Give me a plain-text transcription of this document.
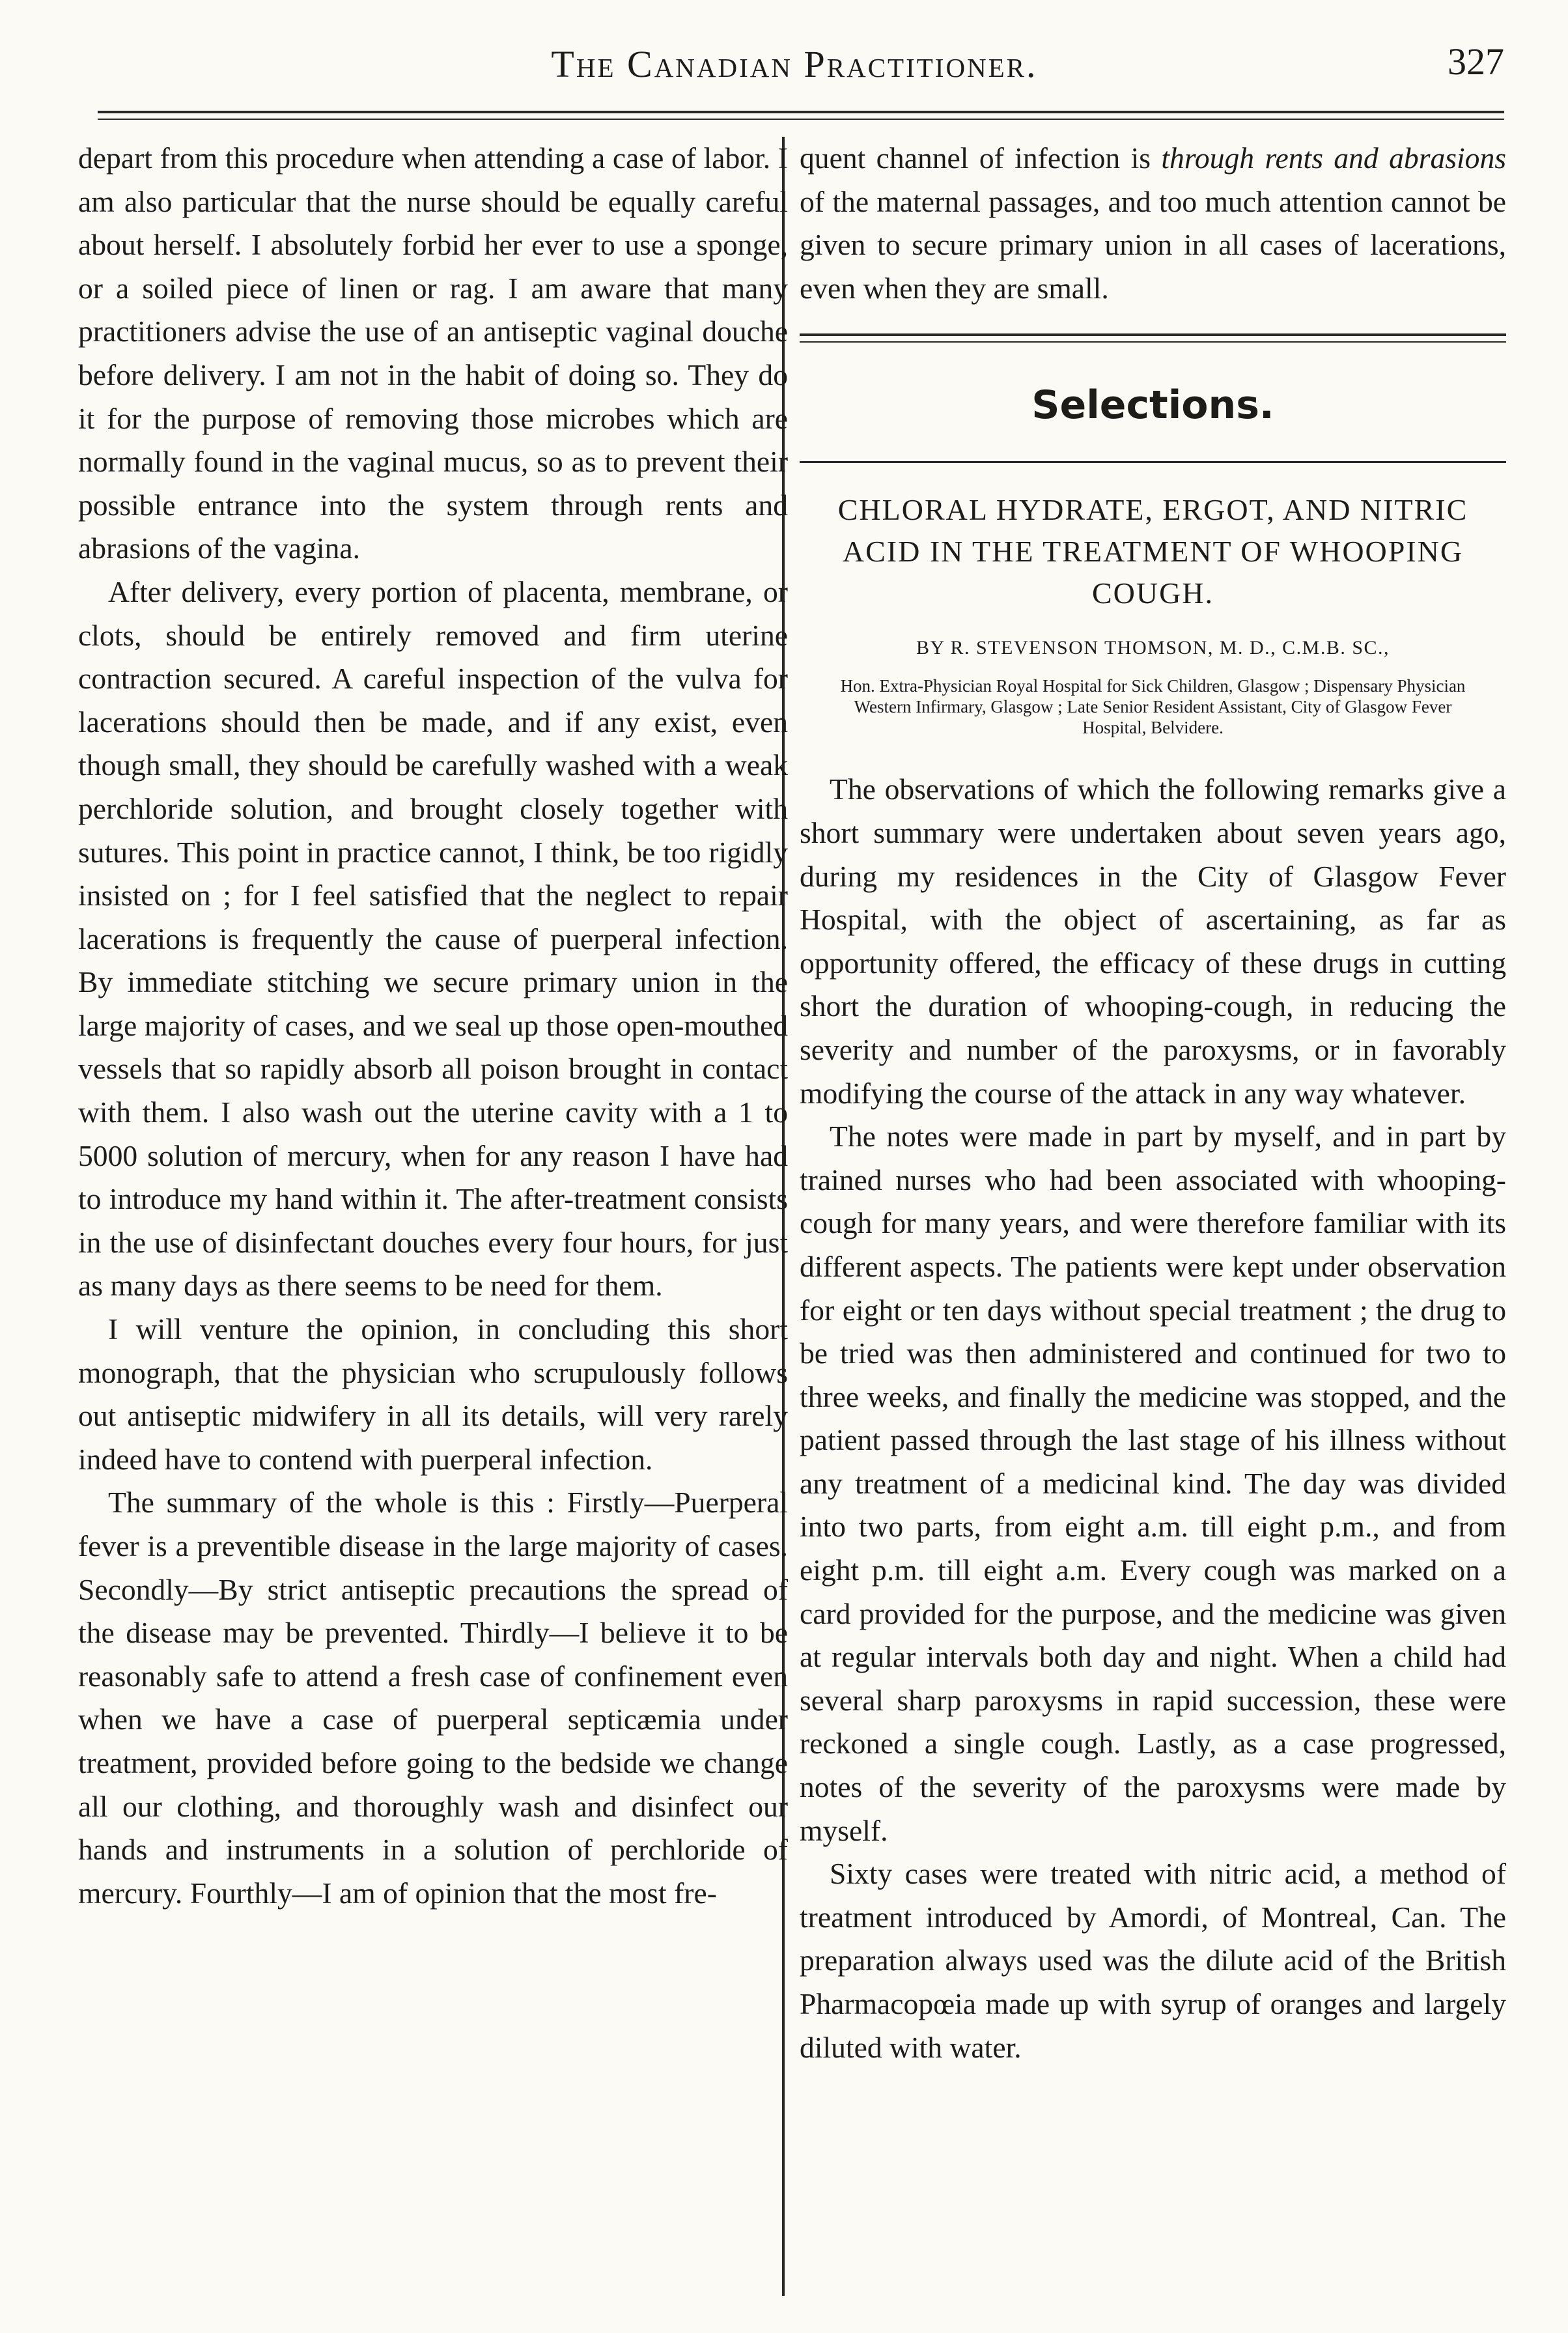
The Canadian Practitioner.	327

depart from this procedure when attending a case of labor. I am also particular that the nurse should be equally careful about herself. I absolutely forbid her ever to use a sponge, or a soiled piece of linen or rag. I am aware that many practitioners advise the use of an antiseptic vaginal douche before delivery. I am not in the habit of doing so. They do it for the purpose of removing those microbes which are normally found in the vaginal mucus, so as to prevent their possible entrance into the system through rents and abrasions of the vagina.

After delivery, every portion of placenta, membrane, or clots, should be entirely removed and firm uterine contraction secured. A careful inspection of the vulva for lacerations should then be made, and if any exist, even though small, they should be carefully washed with a weak perchloride solution, and brought closely together with sutures. This point in practice cannot, I think, be too rigidly insisted on ; for I feel satisfied that the neglect to repair lacerations is frequently the cause of puerperal infection. By immediate stitching we secure primary union in the large majority of cases, and we seal up those open-mouthed vessels that so rapidly absorb all poison brought in contact with them. I also wash out the uterine cavity with a 1 to 5000 solution of mercury, when for any reason I have had to introduce my hand within it. The after-treatment consists in the use of disinfectant douches every four hours, for just as many days as there seems to be need for them.

I will venture the opinion, in concluding this short monograph, that the physician who scrupulously follows out antiseptic midwifery in all its details, will very rarely indeed have to contend with puerperal infection.

The summary of the whole is this : Firstly—Puerperal fever is a preventible disease in the large majority of cases. Secondly—By strict antiseptic precautions the spread of the disease may be prevented. Thirdly—I believe it to be reasonably safe to attend a fresh case of confinement even when we have a case of puerperal septicæmia under treatment, provided before going to the bedside we change all our clothing, and thoroughly wash and disinfect our hands and instruments in a solution of perchloride of mercury. Fourthly—I am of opinion that the most fre-

quent channel of infection is through rents and abrasions of the maternal passages, and too much attention cannot be given to secure primary union in all cases of lacerations, even when they are small.

Selections.
CHLORAL HYDRATE, ERGOT, AND NITRIC ACID IN THE TREATMENT OF WHOOPING COUGH.
BY R. STEVENSON THOMSON, M. D., C.M.B. SC.,
Hon. Extra-Physician Royal Hospital for Sick Children, Glasgow ; Dispensary Physician Western Infirmary, Glasgow ; Late Senior Resident Assistant, City of Glasgow Fever Hospital, Belvidere.

The observations of which the following remarks give a short summary were undertaken about seven years ago, during my residences in the City of Glasgow Fever Hospital, with the object of ascertaining, as far as opportunity offered, the efficacy of these drugs in cutting short the duration of whooping-cough, in reducing the severity and number of the paroxysms, or in favorably modifying the course of the attack in any way whatever.

The notes were made in part by myself, and in part by trained nurses who had been associated with whooping-cough for many years, and were therefore familiar with its different aspects. The patients were kept under observation for eight or ten days without special treatment ; the drug to be tried was then administered and continued for two to three weeks, and finally the medicine was stopped, and the patient passed through the last stage of his illness without any treatment of a medicinal kind. The day was divided into two parts, from eight a.m. till eight p.m., and from eight p.m. till eight a.m. Every cough was marked on a card provided for the purpose, and the medicine was given at regular intervals both day and night. When a child had several sharp paroxysms in rapid succession, these were reckoned a single cough. Lastly, as a case progressed, notes of the severity of the paroxysms were made by myself.

Sixty cases were treated with nitric acid, a method of treatment introduced by Amordi, of Montreal, Can. The preparation always used was the dilute acid of the British Pharmacopœia made up with syrup of oranges and largely diluted with water.
